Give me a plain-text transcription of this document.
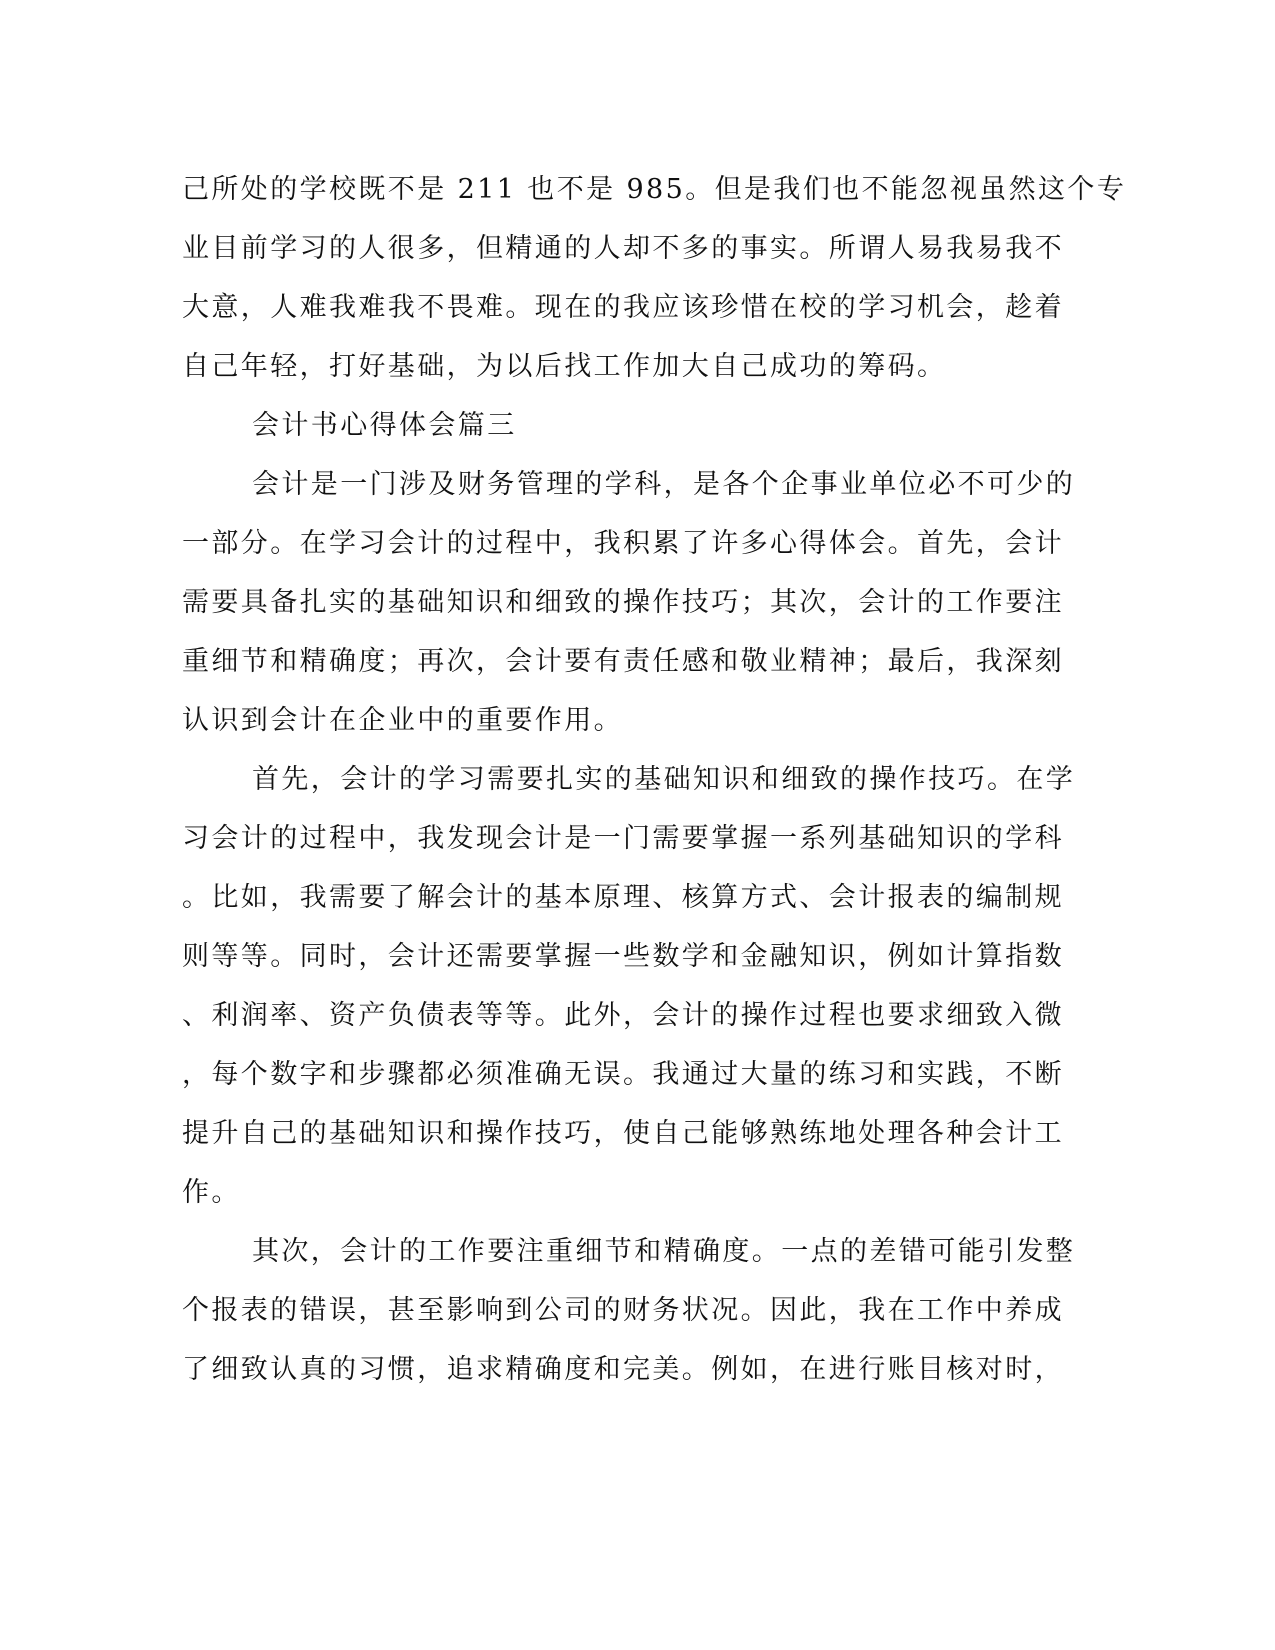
己所处的学校既不是 211 也不是 985。但是我们也不能忽视虽然这个专
业目前学习的人很多，但精通的人却不多的事实。所谓人易我易我不
大意，人难我难我不畏难。现在的我应该珍惜在校的学习机会，趁着
自己年轻，打好基础，为以后找工作加大自己成功的筹码。
会计书心得体会篇三
会计是一门涉及财务管理的学科，是各个企事业单位必不可少的
一部分。在学习会计的过程中，我积累了许多心得体会。首先，会计
需要具备扎实的基础知识和细致的操作技巧；其次，会计的工作要注
重细节和精确度；再次，会计要有责任感和敬业精神；最后，我深刻
认识到会计在企业中的重要作用。
首先，会计的学习需要扎实的基础知识和细致的操作技巧。在学
习会计的过程中，我发现会计是一门需要掌握一系列基础知识的学科
。比如，我需要了解会计的基本原理、核算方式、会计报表的编制规
则等等。同时，会计还需要掌握一些数学和金融知识，例如计算指数
、利润率、资产负债表等等。此外，会计的操作过程也要求细致入微
，每个数字和步骤都必须准确无误。我通过大量的练习和实践，不断
提升自己的基础知识和操作技巧，使自己能够熟练地处理各种会计工
作。
其次，会计的工作要注重细节和精确度。一点的差错可能引发整
个报表的错误，甚至影响到公司的财务状况。因此，我在工作中养成
了细致认真的习惯，追求精确度和完美。例如，在进行账目核对时，
